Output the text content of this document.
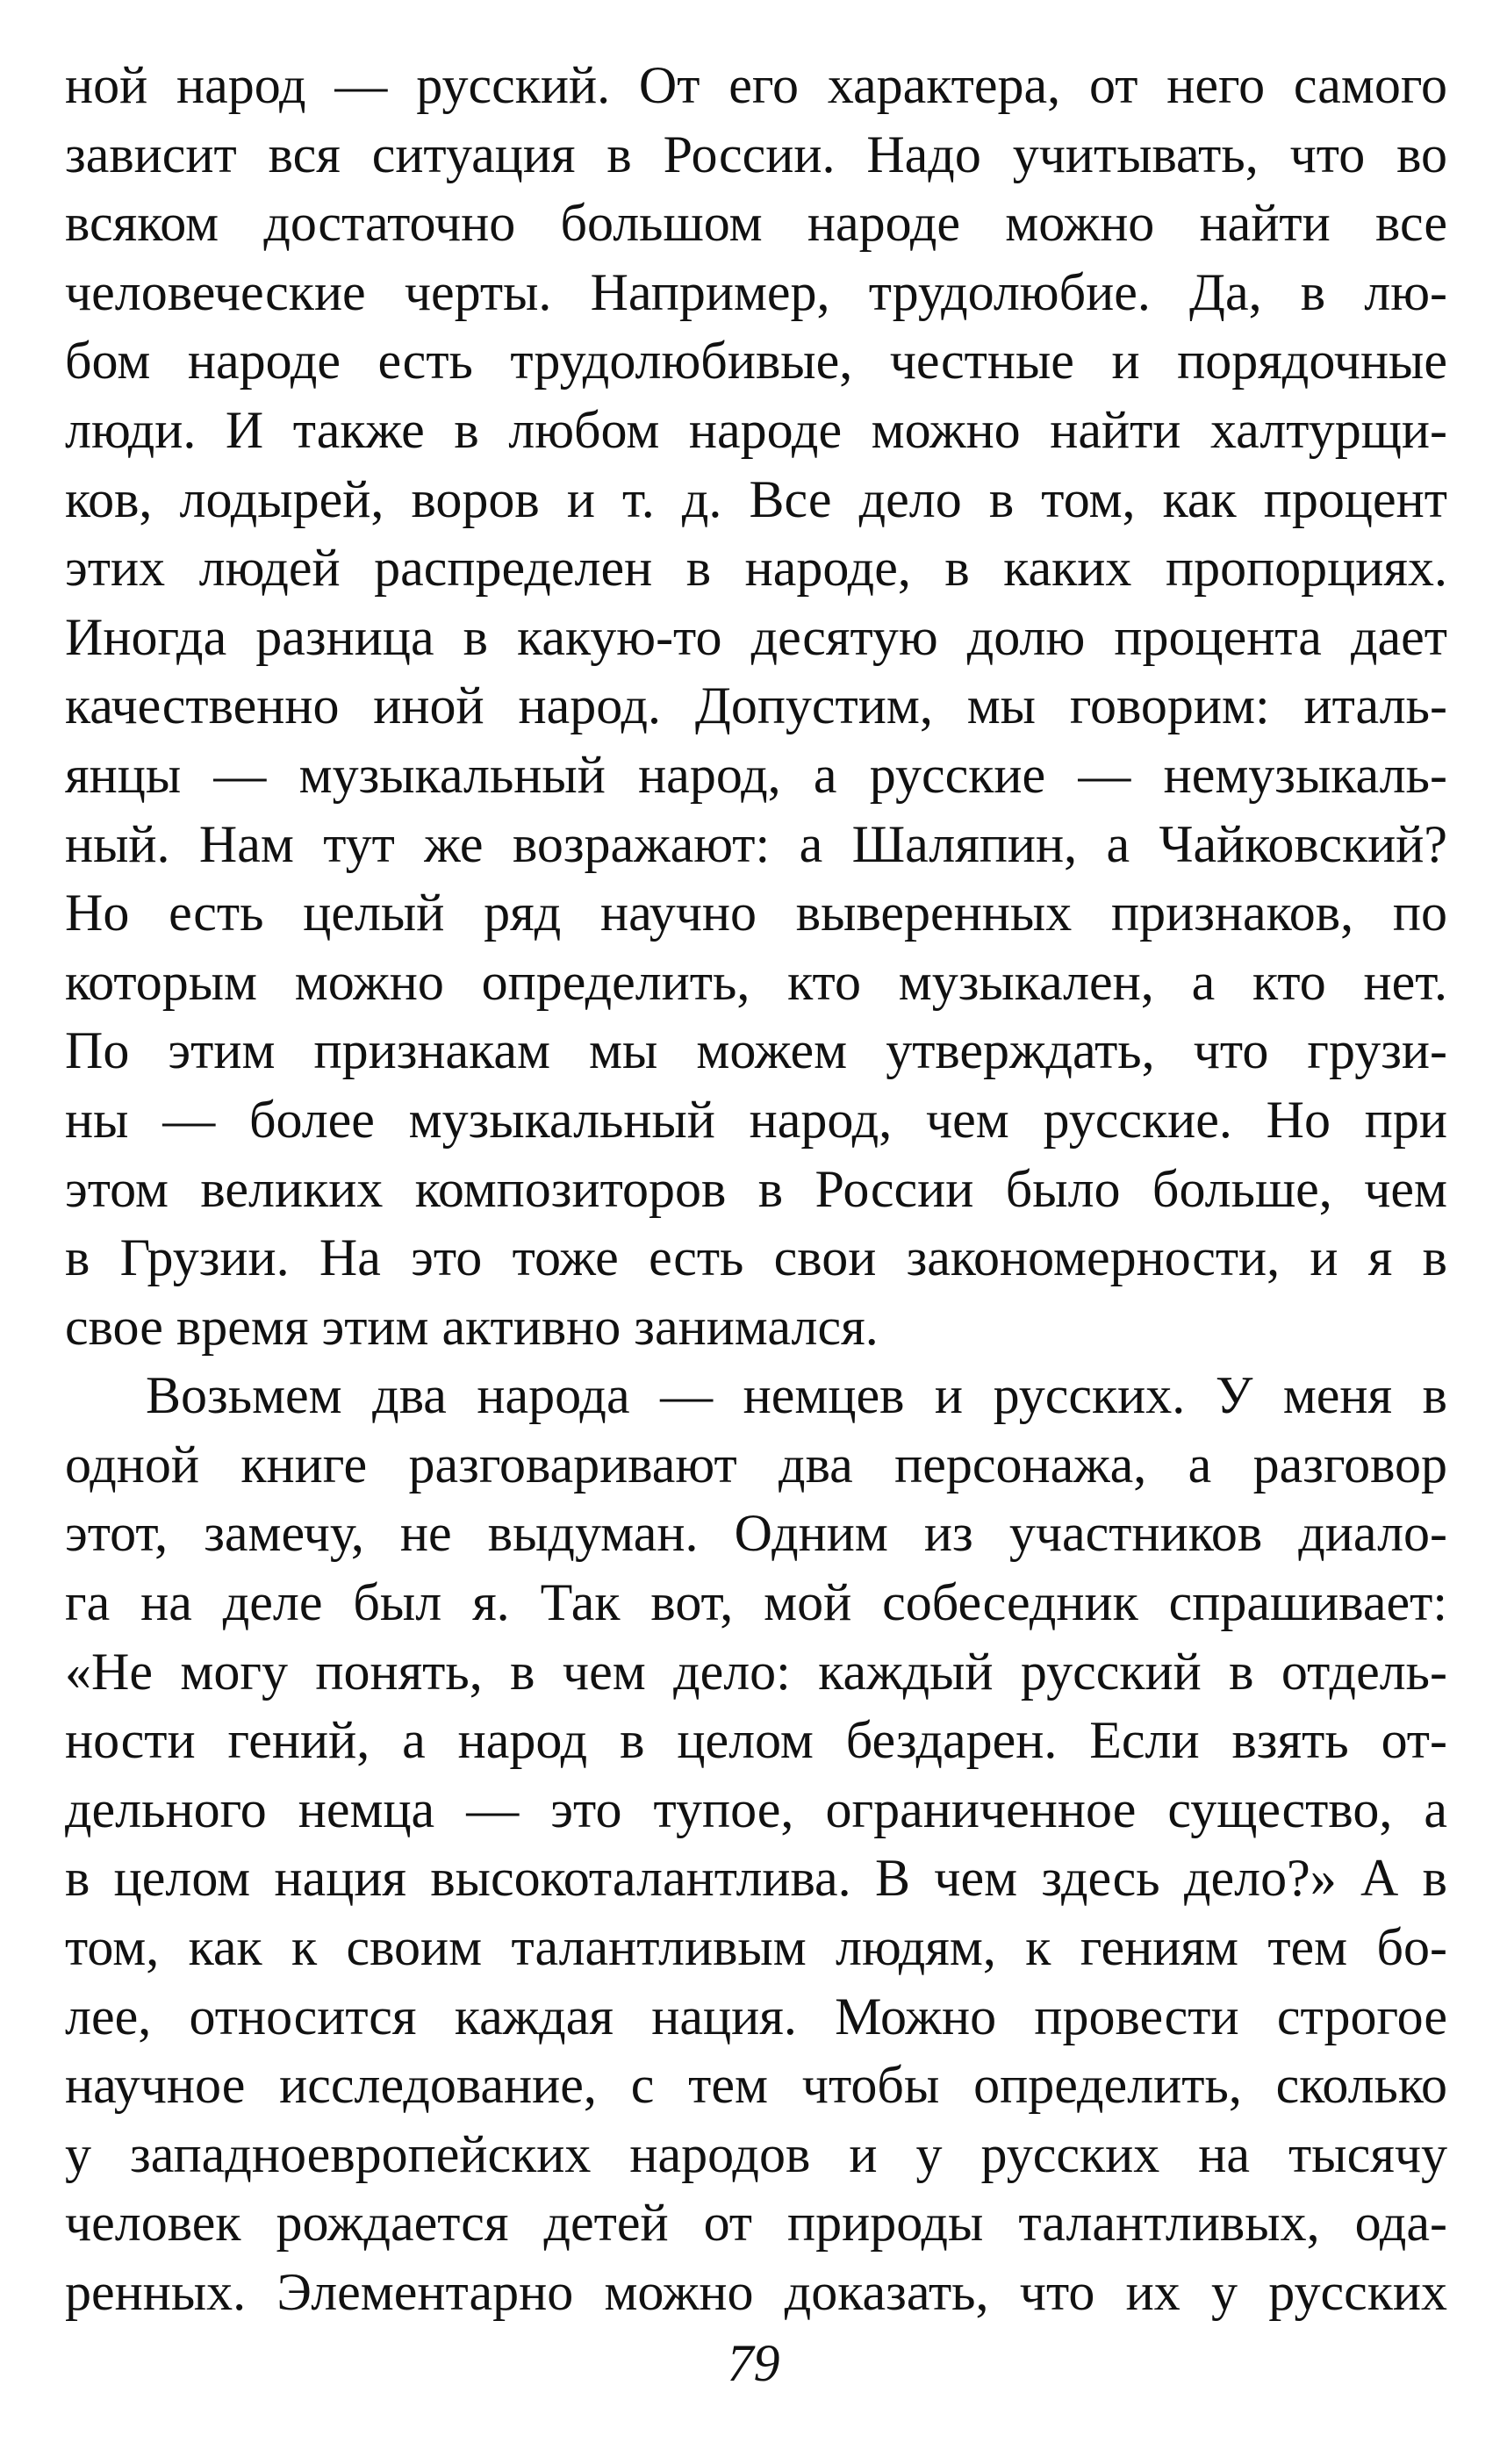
ной народ — русский. От его характера, от него самого
зависит вся ситуация в России. Надо учитывать, что во
всяком достаточно большом народе можно найти все
человеческие черты. Например, трудолюбие. Да, в лю-
бом народе есть трудолюбивые, честные и порядочные
люди. И также в любом народе можно найти халтурщи-
ков, лодырей, воров и т. д. Все дело в том, как процент
этих людей распределен в народе, в каких пропорциях.
Иногда разница в какую-то десятую долю процента дает
качественно иной народ. Допустим, мы говорим: италь-
янцы — музыкальный народ, а русские — немузыкаль-
ный. Нам тут же возражают: а Шаляпин, а Чайковский?
Но есть целый ряд научно выверенных признаков, по
которым можно определить, кто музыкален, а кто нет.
По этим признакам мы можем утверждать, что грузи-
ны — более музыкальный народ, чем русские. Но при
этом великих композиторов в России было больше, чем
в Грузии. На это тоже есть свои закономерности, и я в
свое время этим активно занимался.
Возьмем два народа — немцев и русских. У меня в
одной книге разговаривают два персонажа, а разговор
этот, замечу, не выдуман. Одним из участников диало-
га на деле был я. Так вот, мой собеседник спрашивает:
«Не могу понять, в чем дело: каждый русский в отдель-
ности гений, а народ в целом бездарен. Если взять от-
дельного немца — это тупое, ограниченное существо, а
в целом нация высокоталантлива. В чем здесь дело?» А в
том, как к своим талантливым людям, к гениям тем бо-
лее, относится каждая нация. Можно провести строгое
научное исследование, с тем чтобы определить, сколько
у западноевропейских народов и у русских на тысячу
человек рождается детей от природы талантливых, ода-
ренных. Элементарно можно доказать, что их у русских
79
